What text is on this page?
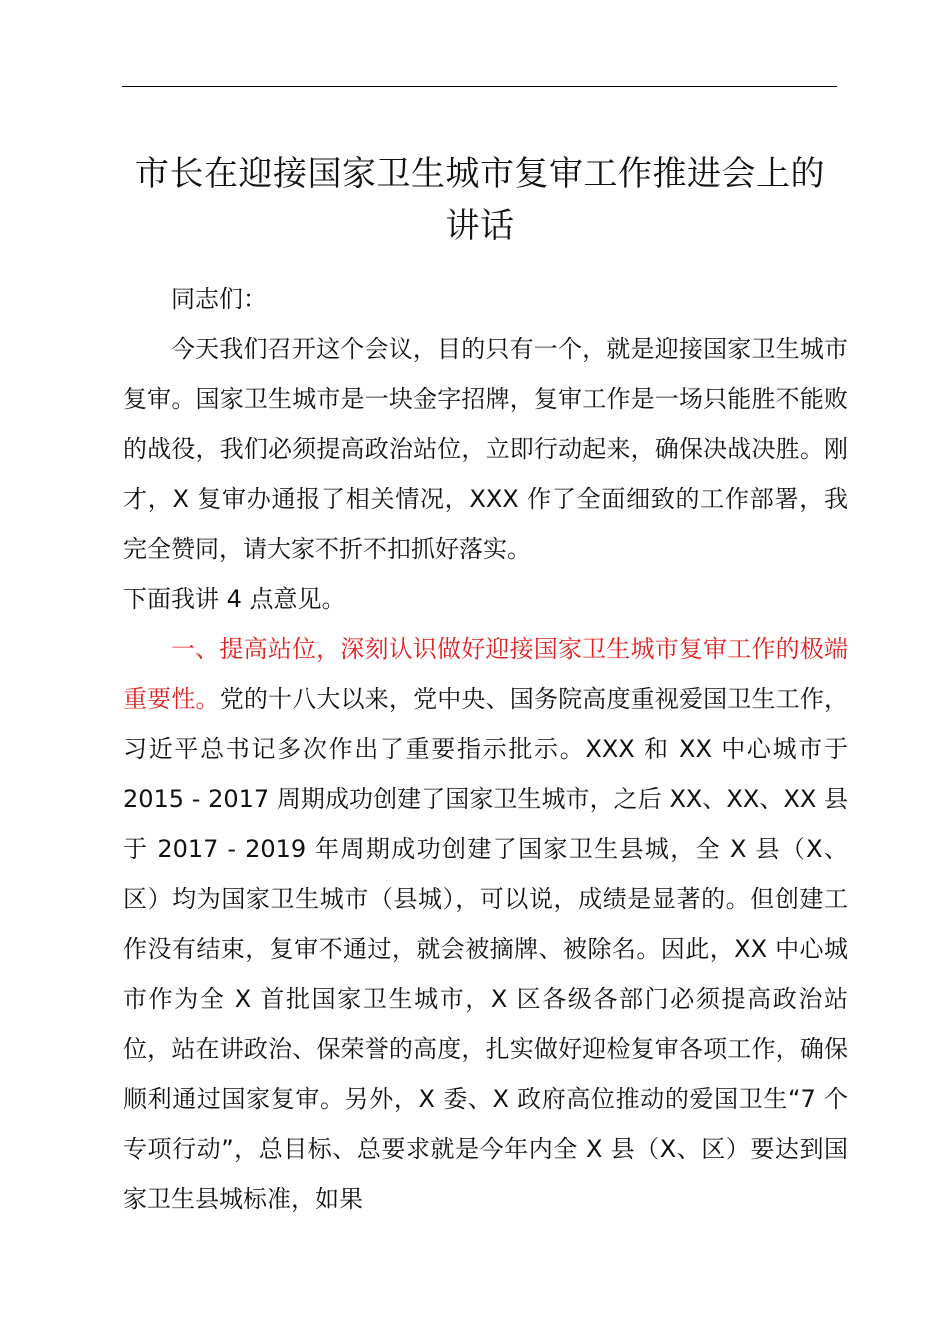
市长在迎接国家卫生城市复审工作推进会上的
讲话

同志们：

今天我们召开这个会议，目的只有一个，就是迎接国家卫生城市复审。国家卫生城市是一块金字招牌，复审工作是一场只能胜不能败的战役，我们必须提高政治站位，立即行动起来，确保决战决胜。刚才，X 复审办通报了相关情况，XXX 作了全面细致的工作部署，我完全赞同，请大家不折不扣抓好落实。

下面我讲 4 点意见。

一、提高站位，深刻认识做好迎接国家卫生城市复审工作的极端重要性。党的十八大以来，党中央、国务院高度重视爱国卫生工作，习近平总书记多次作出了重要指示批示。XXX 和 XX 中心城市于 2015 - 2017 周期成功创建了国家卫生城市，之后 XX、XX、XX 县于 2017 - 2019 年周期成功创建了国家卫生县城，全 X 县（X、区）均为国家卫生城市（县城），可以说，成绩是显著的。但创建工作没有结束，复审不通过，就会被摘牌、被除名。因此，XX 中心城市作为全 X 首批国家卫生城市，X 区各级各部门必须提高政治站位，站在讲政治、保荣誉的高度，扎实做好迎检复审各项工作，确保顺利通过国家复审。另外，X 委、X 政府高位推动的爱国卫生“7 个专项行动”，总目标、总要求就是今年内全 X 县（X、区）要达到国家卫生县城标准，如果
